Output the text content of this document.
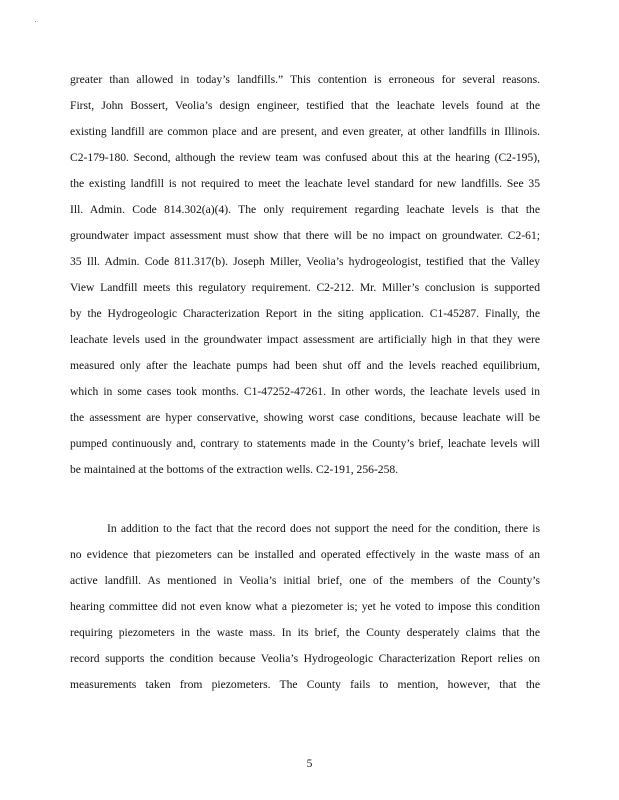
greater than allowed in today’s landfills.” This contention is erroneous for several reasons.
First, John Bossert, Veolia’s design engineer, testified that the leachate levels found at the
existing landfill are common place and are present, and even greater, at other landfills in Illinois.
C2-179-180. Second, although the review team was confused about this at the hearing (C2-195),
the existing landfill is not required to meet the leachate level standard for new landfills. See 35
Ill. Admin. Code 814.302(a)(4). The only requirement regarding leachate levels is that the
groundwater impact assessment must show that there will be no impact on groundwater. C2-61;
35 Ill. Admin. Code 811.317(b). Joseph Miller, Veolia’s hydrogeologist, testified that the Valley
View Landfill meets this regulatory requirement. C2-212. Mr. Miller’s conclusion is supported
by the Hydrogeologic Characterization Report in the siting application. C1-45287. Finally, the
leachate levels used in the groundwater impact assessment are artificially high in that they were
measured only after the leachate pumps had been shut off and the levels reached equilibrium,
which in some cases took months. C1-47252-47261. In other words, the leachate levels used in
the assessment are hyper conservative, showing worst case conditions, because leachate will be
pumped continuously and, contrary to statements made in the County’s brief, leachate levels will
be maintained at the bottoms of the extraction wells. C2-191, 256-258.
In addition to the fact that the record does not support the need for the condition, there is
no evidence that piezometers can be installed and operated effectively in the waste mass of an
active landfill. As mentioned in Veolia’s initial brief, one of the members of the County’s
hearing committee did not even know what a piezometer is; yet he voted to impose this condition
requiring piezometers in the waste mass. In its brief, the County desperately claims that the
record supports the condition because Veolia’s Hydrogeologic Characterization Report relies on
measurements taken from piezometers. The County fails to mention, however, that the
5
